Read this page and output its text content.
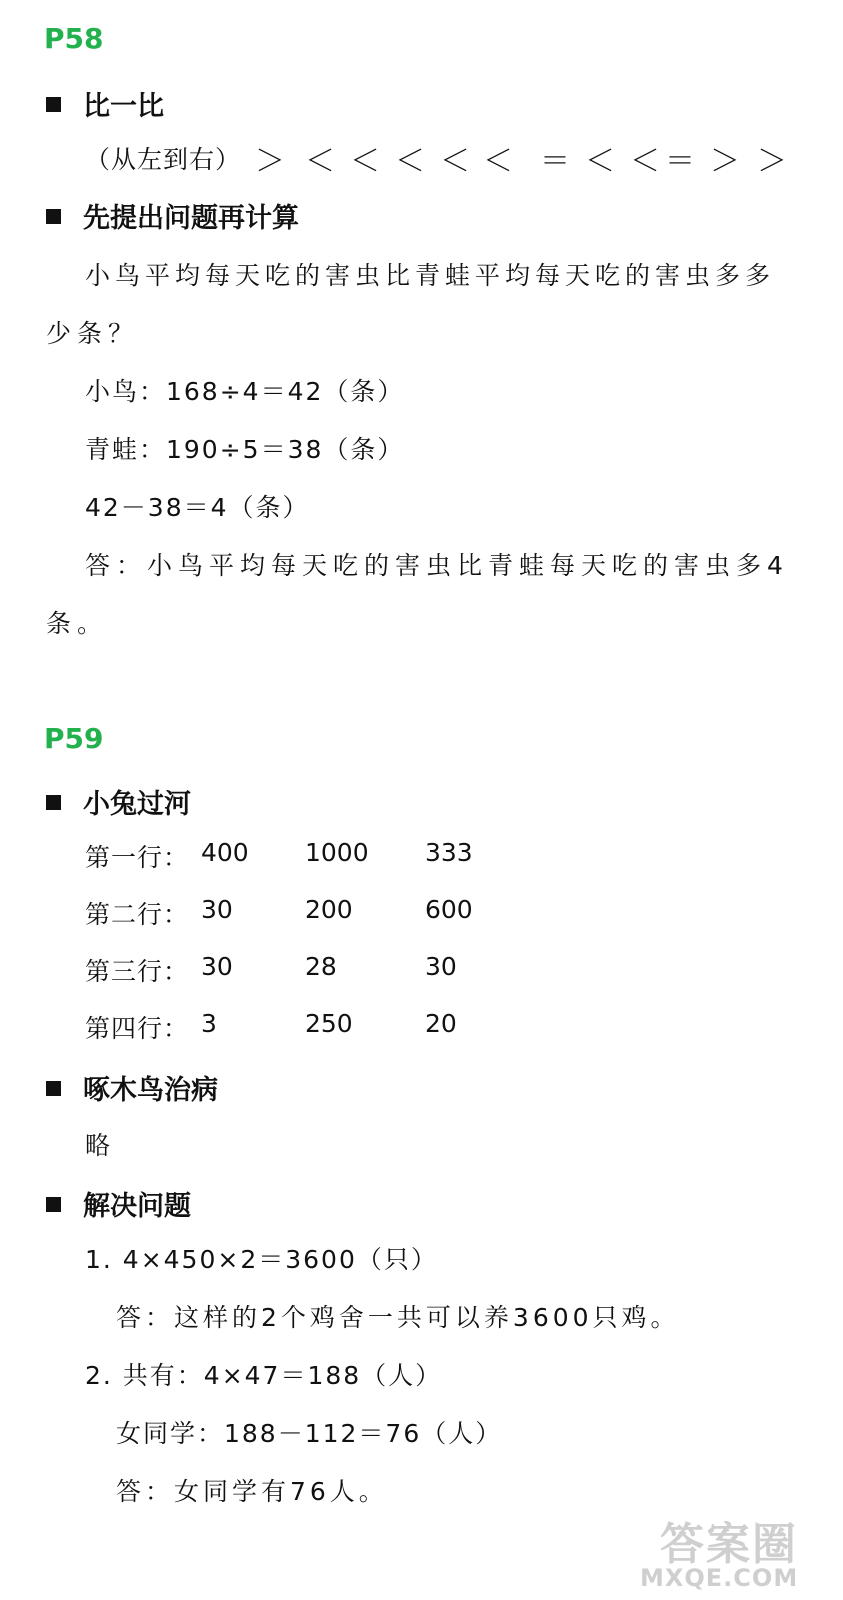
P58
比一比
（从左到右） ＞ ＜ ＜ ＜ ＜ ＜ ＝ ＜ ＜ ＝ ＞ ＞
先提出问题再计算
小鸟平均每天吃的害虫比青蛙平均每天吃的害虫多多
少条？
小鸟：168÷4＝42（条）
青蛙：190÷5＝38（条）
42－38＝4（条）
答：小鸟平均每天吃的害虫比青蛙每天吃的害虫多4
条。
P59
小兔过河
第一行： 400 1000 333
第二行： 30	200	600
第三行： 30	28	30
第四行： 3	250	20
啄木鸟治病
略
解决问题
1. 4×450×2＝3600（只）
答：这样的2个鸡舍一共可以养3600只鸡。
2. 共有：4×47＝188（人）
女同学：188－112＝76（人）
答：女同学有76人。
答案圈
MXQE.COM
